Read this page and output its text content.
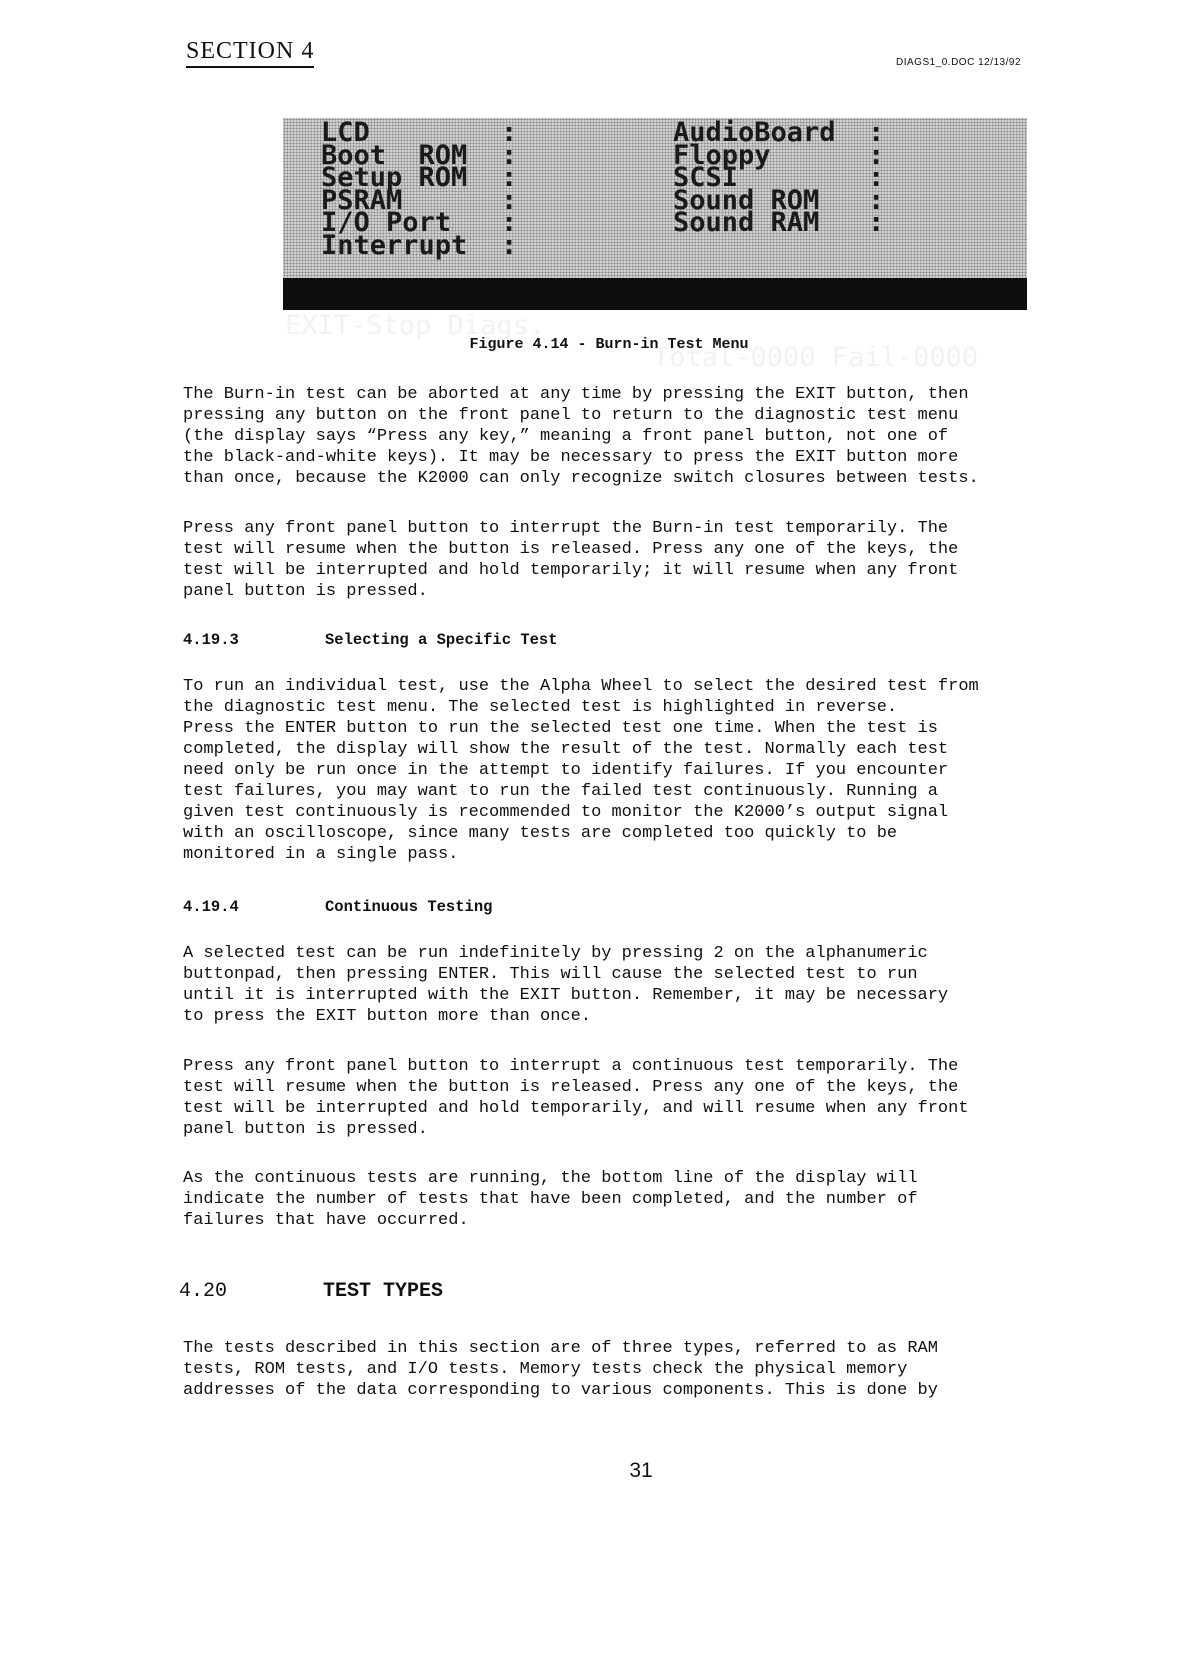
SECTION 4	DIAGS1_0.DOC 12/13/92
LCD	:
Boot  ROM :
Setup ROM :
PSRAM	:
I/O Port :
Interrupt :
AudioBoard :
Floppy	:
SCSI	:
Sound ROM :
Sound RAM :

EXIT-Stop Diags.

Total-0000 Fail-0000

Figure 4.14 - Burn-in Test Menu
The Burn-in test can be aborted at any time by pressing the EXIT button, then
pressing any button on the front panel to return to the diagnostic test menu
(the display says “Press any key,” meaning a front panel button, not one of
the black-and-white keys). It may be necessary to press the EXIT button more
than once, because the K2000 can only recognize switch closures between tests.
Press any front panel button to interrupt the Burn-in test temporarily. The
test will resume when the button is released. Press any one of the keys, the
test will be interrupted and hold temporarily; it will resume when any front
panel button is pressed.
4.19.3	Selecting a Specific Test
To run an individual test, use the Alpha Wheel to select the desired test from
the diagnostic test menu. The selected test is highlighted in reverse.
Press the ENTER button to run the selected test one time. When the test is
completed, the display will show the result of the test. Normally each test
need only be run once in the attempt to identify failures. If you encounter
test failures, you may want to run the failed test continuously. Running a
given test continuously is recommended to monitor the K2000’s output signal
with an oscilloscope, since many tests are completed too quickly to be
monitored in a single pass.
4.19.4	Continuous Testing
A selected test can be run indefinitely by pressing 2 on the alphanumeric
buttonpad, then pressing ENTER. This will cause the selected test to run
until it is interrupted with the EXIT button. Remember, it may be necessary
to press the EXIT button more than once.
Press any front panel button to interrupt a continuous test temporarily. The
test will resume when the button is released. Press any one of the keys, the
test will be interrupted and hold temporarily, and will resume when any front
panel button is pressed.
As the continuous tests are running, the bottom line of the display will
indicate the number of tests that have been completed, and the number of
failures that have occurred.
4.20	TEST TYPES
The tests described in this section are of three types, referred to as RAM
tests, ROM tests, and I/O tests. Memory tests check the physical memory
addresses of the data corresponding to various components. This is done by
31
